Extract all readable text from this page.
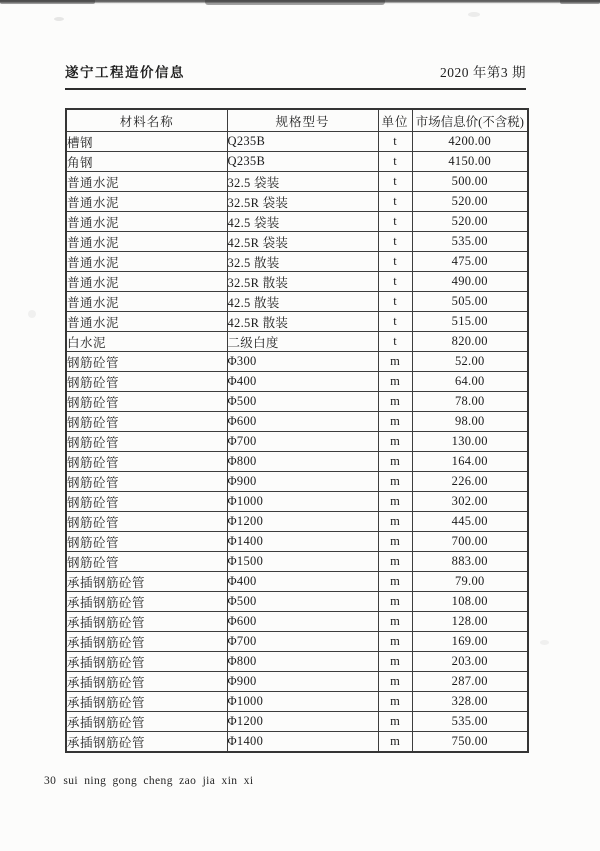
遂宁工程造价信息	2020 年第3 期
材料名称	规格型号	单位	市场信息价(不含税)
槽钢	Q235B	t	4200.00
角钢	Q235B	t	4150.00
普通水泥	32.5 袋装	t	500.00
普通水泥	32.5R 袋装	t	520.00
普通水泥	42.5 袋装	t	520.00
普通水泥	42.5R 袋装	t	535.00
普通水泥	32.5 散装	t	475.00
普通水泥	32.5R 散装	t	490.00
普通水泥	42.5 散装	t	505.00
普通水泥	42.5R 散装	t	515.00
白水泥	二级白度	t	820.00
钢筋砼管	Φ300	m	52.00
钢筋砼管	Φ400	m	64.00
钢筋砼管	Φ500	m	78.00
钢筋砼管	Φ600	m	98.00
钢筋砼管	Φ700	m	130.00
钢筋砼管	Φ800	m	164.00
钢筋砼管	Φ900	m	226.00
钢筋砼管	Φ1000	m	302.00
钢筋砼管	Φ1200	m	445.00
钢筋砼管	Φ1400	m	700.00
钢筋砼管	Φ1500	m	883.00
承插钢筋砼管	Φ400	m	79.00
承插钢筋砼管	Φ500	m	108.00
承插钢筋砼管	Φ600	m	128.00
承插钢筋砼管	Φ700	m	169.00
承插钢筋砼管	Φ800	m	203.00
承插钢筋砼管	Φ900	m	287.00
承插钢筋砼管	Φ1000	m	328.00
承插钢筋砼管	Φ1200	m	535.00
承插钢筋砼管	Φ1400	m	750.00
30 sui ning gong cheng zao jia xin xi
